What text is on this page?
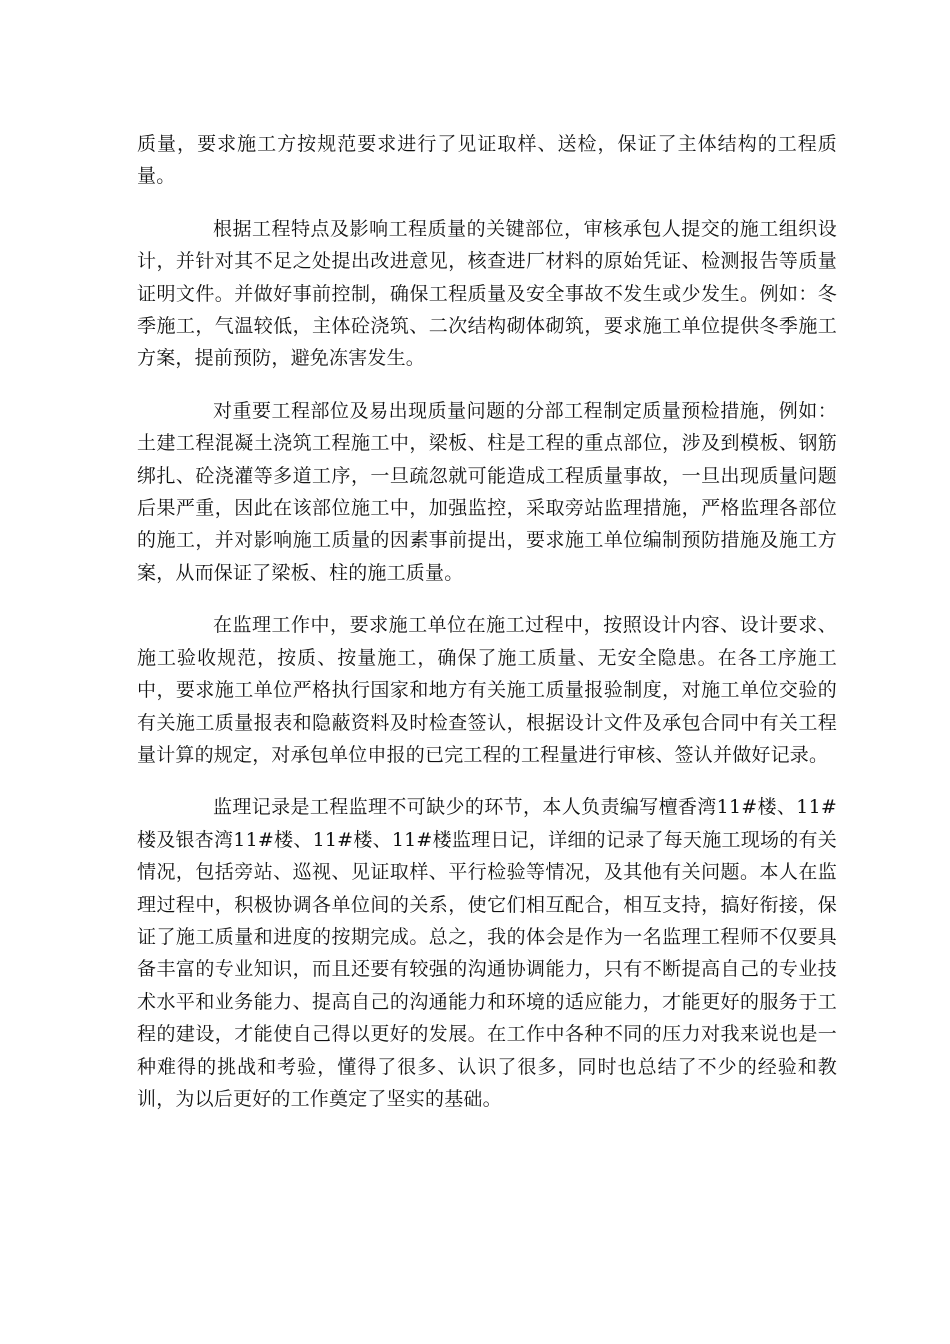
质量，要求施工方按规范要求进行了见证取样、送检，保证了主体结构的工程质量。

根据工程特点及影响工程质量的关键部位，审核承包人提交的施工组织设计，并针对其不足之处提出改进意见，核查进厂材料的原始凭证、检测报告等质量证明文件。并做好事前控制，确保工程质量及安全事故不发生或少发生。例如：冬季施工，气温较低，主体砼浇筑、二次结构砌体砌筑，要求施工单位提供冬季施工方案，提前预防，避免冻害发生。

对重要工程部位及易出现质量问题的分部工程制定质量预检措施，例如：土建工程混凝土浇筑工程施工中，梁板、柱是工程的重点部位，涉及到模板、钢筋绑扎、砼浇灌等多道工序，一旦疏忽就可能造成工程质量事故，一旦出现质量问题后果严重，因此在该部位施工中，加强监控，采取旁站监理措施，严格监理各部位的施工，并对影响施工质量的因素事前提出，要求施工单位编制预防措施及施工方案，从而保证了梁板、柱的施工质量。

在监理工作中，要求施工单位在施工过程中，按照设计内容、设计要求、施工验收规范，按质、按量施工，确保了施工质量、无安全隐患。在各工序施工中，要求施工单位严格执行国家和地方有关施工质量报验制度，对施工单位交验的有关施工质量报表和隐蔽资料及时检查签认，根据设计文件及承包合同中有关工程量计算的规定，对承包单位申报的已完工程的工程量进行审核、签认并做好记录。

监理记录是工程监理不可缺少的环节，本人负责编写檀香湾11#楼、11#楼及银杏湾11#楼、11#楼、11#楼监理日记，详细的记录了每天施工现场的有关情况，包括旁站、巡视、见证取样、平行检验等情况，及其他有关问题。本人在监理过程中，积极协调各单位间的关系，使它们相互配合，相互支持，搞好衔接，保证了施工质量和进度的按期完成。总之，我的体会是作为一名监理工程师不仅要具备丰富的专业知识，而且还要有较强的沟通协调能力，只有不断提高自己的专业技术水平和业务能力、提高自己的沟通能力和环境的适应能力，才能更好的服务于工程的建设，才能使自己得以更好的发展。在工作中各种不同的压力对我来说也是一种难得的挑战和考验，懂得了很多、认识了很多，同时也总结了不少的经验和教训，为以后更好的工作奠定了坚实的基础。
